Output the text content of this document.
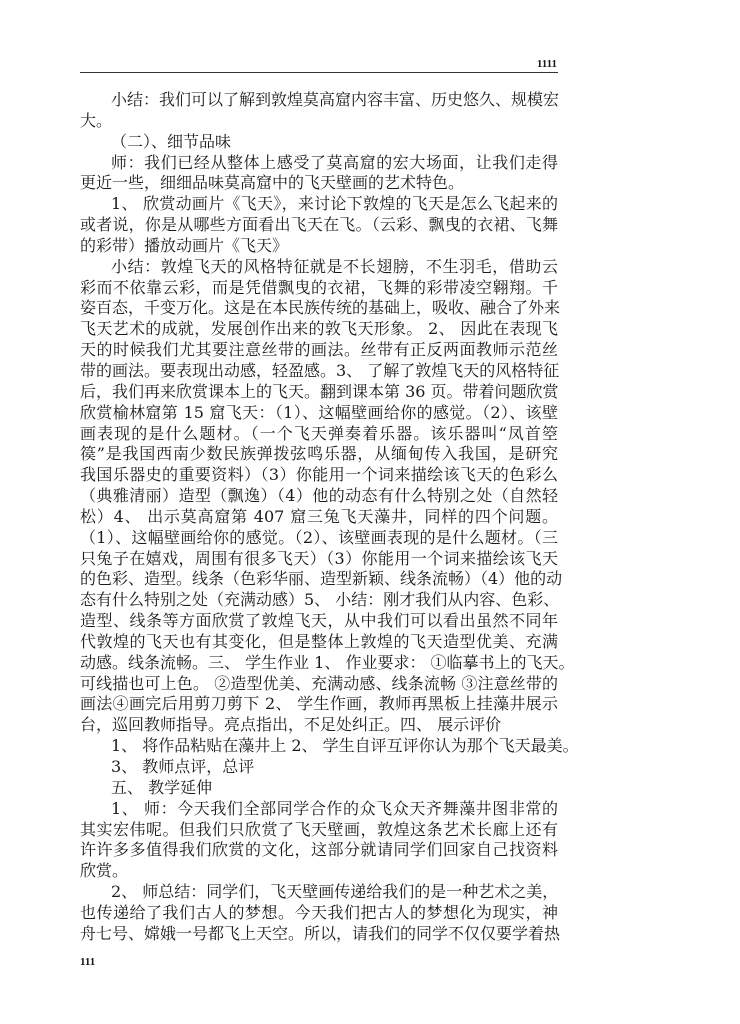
1111
小结：我们可以了解到敦煌莫高窟内容丰富、历史悠久、规模宏
大。
（二）、细节品味
师：我们已经从整体上感受了莫高窟的宏大场面，让我们走得
更近一些，细细品味莫高窟中的飞天壁画的艺术特色。
1、 欣赏动画片《飞天》，来讨论下敦煌的飞天是怎么飞起来的
或者说，你是从哪些方面看出飞天在飞。（云彩、飘曳的衣裙、飞舞
的彩带）播放动画片《飞天》
小结：敦煌飞天的风格特征就是不长翅膀，不生羽毛，借助云
彩而不依靠云彩，而是凭借飘曳的衣裙，飞舞的彩带凌空翱翔。千
姿百态，千变万化。这是在本民族传统的基础上，吸收、融合了外来
飞天艺术的成就，发展创作出来的敦飞天形象。 2、 因此在表现飞
天的时候我们尤其要注意丝带的画法。丝带有正反两面教师示范丝
带的画法。要表现出动感，轻盈感。3、 了解了敦煌飞天的风格特征
后，我们再来欣赏课本上的飞天。翻到课本第 36 页。带着问题欣赏
欣赏榆林窟第 15 窟飞天：（1）、这幅壁画给你的感觉。（2）、该壁
画表现的是什么题材。（一个飞天弹奏着乐器。该乐器叫“凤首箜
篌”是我国西南少数民族弹拨弦鸣乐器，从缅甸传入我国，是研究
我国乐器史的重要资料）（3）你能用一个词来描绘该飞天的色彩么
（典雅清丽）造型（飘逸）（4）他的动态有什么特别之处（自然轻
松）4、 出示莫高窟第 407 窟三兔飞天藻井，同样的四个问题。
（1）、这幅壁画给你的感觉。（2）、该壁画表现的是什么题材。（三
只兔子在嬉戏，周围有很多飞天）（3）你能用一个词来描绘该飞天
的色彩、造型。线条（色彩华丽、造型新颖、线条流畅）（4）他的动
态有什么特别之处（充满动感）5、 小结：刚才我们从内容、色彩、
造型、线条等方面欣赏了敦煌飞天，从中我们可以看出虽然不同年
代敦煌的飞天也有其变化，但是整体上敦煌的飞天造型优美、充满
动感。线条流畅。三、 学生作业 1、 作业要求： ①临摹书上的飞天。
可线描也可上色。 ②造型优美、充满动感、线条流畅 ③注意丝带的
画法④画完后用剪刀剪下 2、 学生作画，教师再黑板上挂藻井展示
台，巡回教师指导。亮点指出，不足处纠正。四、 展示评价
1、 将作品粘贴在藻井上 2、 学生自评互评你认为那个飞天最美。
3、 教师点评，总评
五、 教学延伸
1、 师：今天我们全部同学合作的众飞众天齐舞藻井图非常的
其实宏伟呢。但我们只欣赏了飞天壁画，敦煌这条艺术长廊上还有
许许多多值得我们欣赏的文化，这部分就请同学们回家自己找资料
欣赏。
2、 师总结：同学们，飞天壁画传递给我们的是一种艺术之美，
也传递给了我们古人的梦想。今天我们把古人的梦想化为现实，神
舟七号、嫦娥一号都飞上天空。所以，请我们的同学不仅仅要学着热
111
